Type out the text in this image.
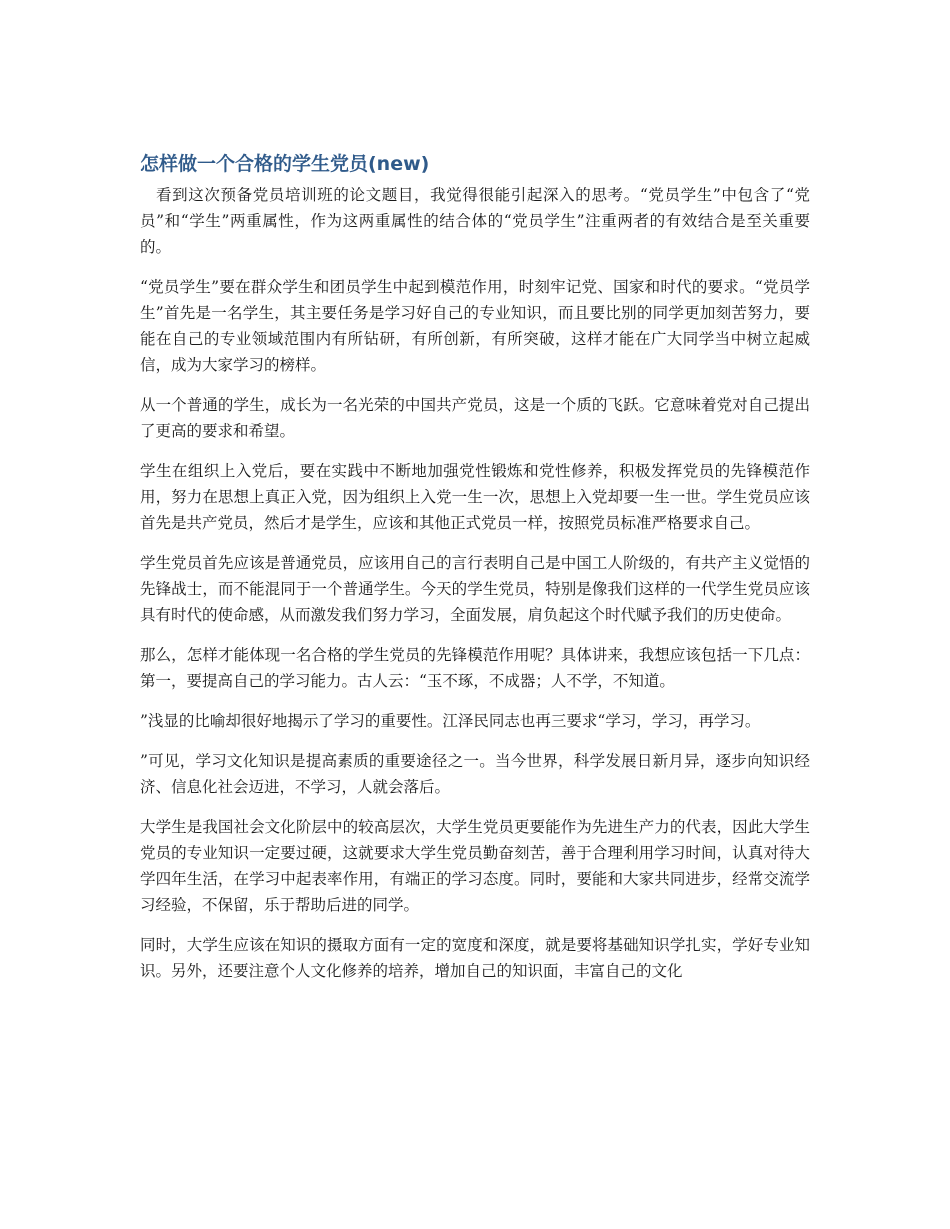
怎样做一个合格的学生党员(new)

看到这次预备党员培训班的论文题目，我觉得很能引起深入的思考。“党员学生”中包含了“党员”和“学生”两重属性，作为这两重属性的结合体的“党员学生”注重两者的有效结合是至关重要的。

“党员学生”要在群众学生和团员学生中起到模范作用，时刻牢记党、国家和时代的要求。“党员学生”首先是一名学生，其主要任务是学习好自己的专业知识，而且要比别的同学更加刻苦努力，要能在自己的专业领域范围内有所钻研，有所创新，有所突破，这样才能在广大同学当中树立起威信，成为大家学习的榜样。

从一个普通的学生，成长为一名光荣的中国共产党员，这是一个质的飞跃。它意味着党对自己提出了更高的要求和希望。

学生在组织上入党后，要在实践中不断地加强党性锻炼和党性修养，积极发挥党员的先锋模范作用，努力在思想上真正入党，因为组织上入党一生一次，思想上入党却要一生一世。学生党员应该首先是共产党员，然后才是学生，应该和其他正式党员一样，按照党员标准严格要求自己。

学生党员首先应该是普通党员，应该用自己的言行表明自己是中国工人阶级的，有共产主义觉悟的先锋战士，而不能混同于一个普通学生。今天的学生党员，特别是像我们这样的一代学生党员应该具有时代的使命感，从而激发我们努力学习，全面发展，肩负起这个时代赋予我们的历史使命。

那么，怎样才能体现一名合格的学生党员的先锋模范作用呢？具体讲来，我想应该包括一下几点：第一，要提高自己的学习能力。古人云：“玉不琢，不成器；人不学，不知道。

”浅显的比喻却很好地揭示了学习的重要性。江泽民同志也再三要求“学习，学习，再学习。

”可见，学习文化知识是提高素质的重要途径之一。当今世界，科学发展日新月异，逐步向知识经济、信息化社会迈进，不学习，人就会落后。

大学生是我国社会文化阶层中的较高层次，大学生党员更要能作为先进生产力的代表，因此大学生党员的专业知识一定要过硬，这就要求大学生党员勤奋刻苦，善于合理利用学习时间，认真对待大学四年生活，在学习中起表率作用，有端正的学习态度。同时，要能和大家共同进步，经常交流学习经验，不保留，乐于帮助后进的同学。

同时，大学生应该在知识的摄取方面有一定的宽度和深度，就是要将基础知识学扎实，学好专业知识。另外，还要注意个人文化修养的培养，增加自己的知识面，丰富自己的文化
